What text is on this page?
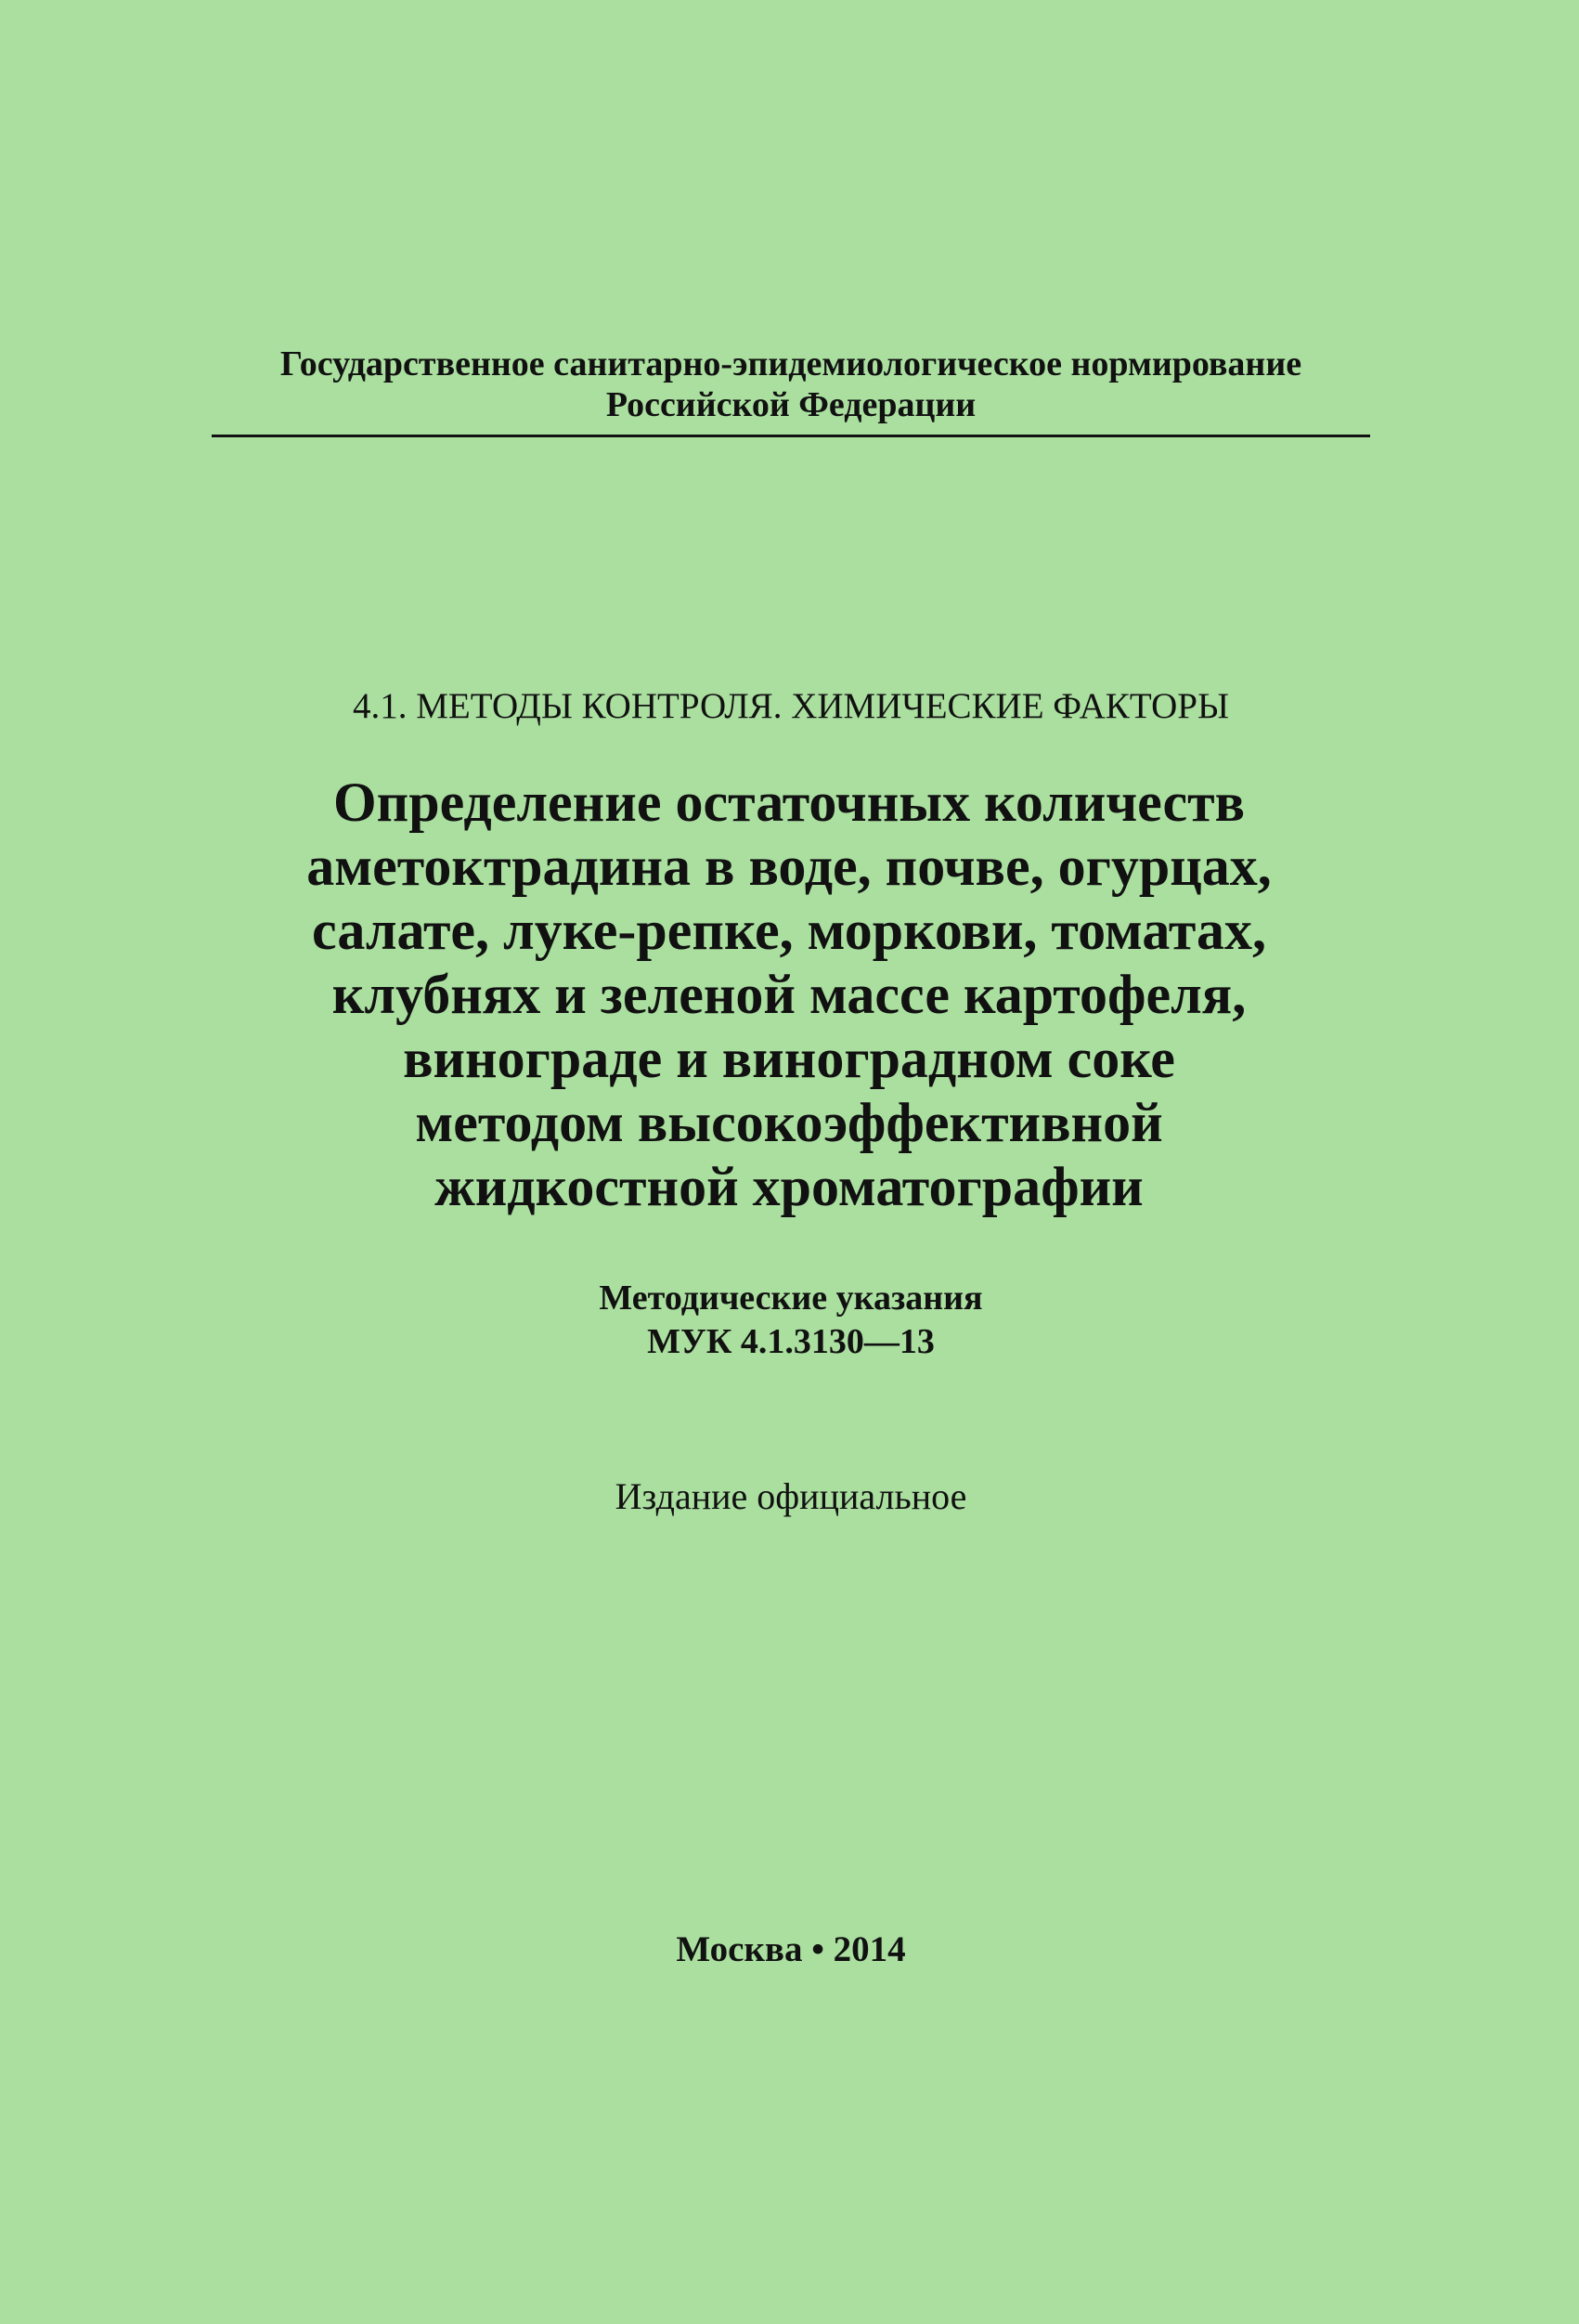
Государственное санитарно-эпидемиологическое нормирование
Российской Федерации
4.1. МЕТОДЫ КОНТРОЛЯ. ХИМИЧЕСКИЕ ФАКТОРЫ
Определение остаточных количеств
аметоктрадина в воде, почве, огурцах,
салате, луке-репке, моркови, томатах,
клубнях и зеленой массе картофеля,
винограде и виноградном соке
методом высокоэффективной
жидкостной хроматографии
Методические указания
МУК 4.1.3130—13
Издание официальное
Москва • 2014
